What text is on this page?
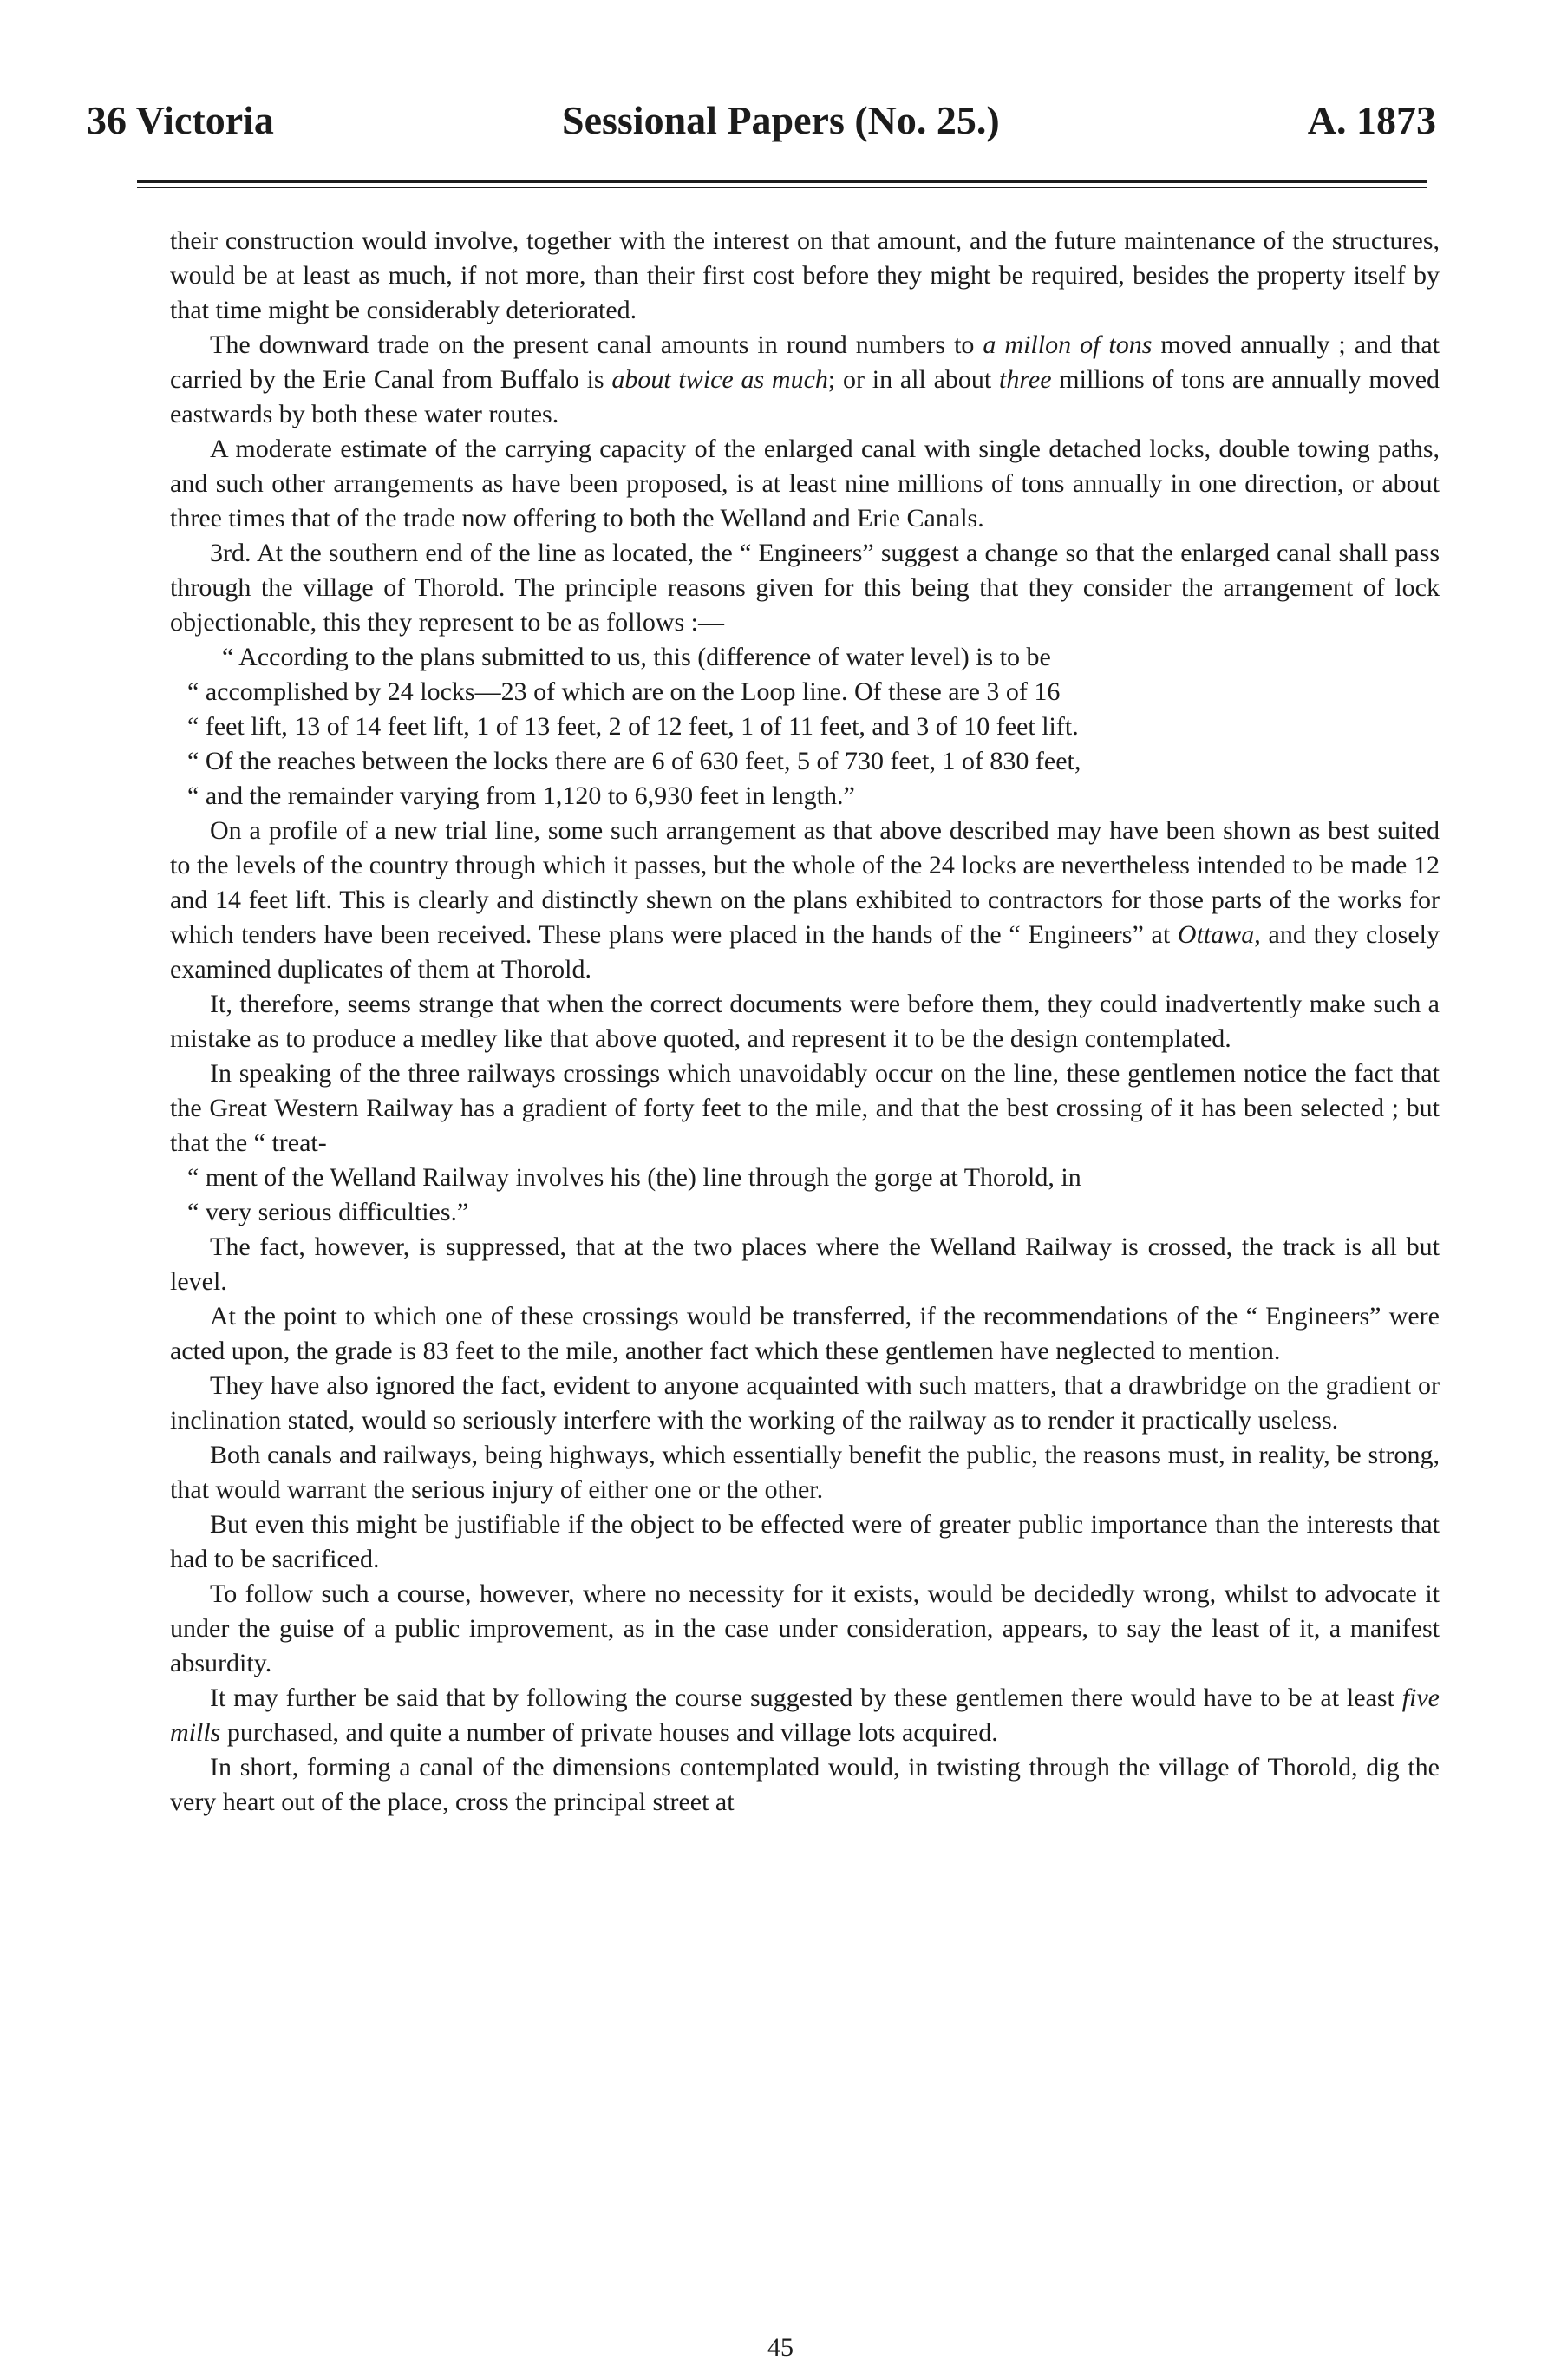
36 Victoria	Sessional Papers (No. 25.)	A. 1873

their construction would involve, together with the interest on that amount, and the future maintenance of the structures, would be at least as much, if not more, than their first cost before they might be required, besides the property itself by that time might be considerably deteriorated.

The downward trade on the present canal amounts in round numbers to a millon of tons moved annually ; and that carried by the Erie Canal from Buffalo is about twice as much; or in all about three millions of tons are annually moved eastwards by both these water routes.

A moderate estimate of the carrying capacity of the enlarged canal with single detached locks, double towing paths, and such other arrangements as have been proposed, is at least nine millions of tons annually in one direction, or about three times that of the trade now offering to both the Welland and Erie Canals.

3rd. At the southern end of the line as located, the “ Engineers” suggest a change so that the enlarged canal shall pass through the village of Thorold. The principle reasons given for this being that they consider the arrangement of lock objectionable, this they represent to be as follows :—

“ According to the plans submitted to us, this (difference of water level) is to be

“ accomplished by 24 locks—23 of which are on the Loop line. Of these are 3 of 16

“ feet lift, 13 of 14 feet lift, 1 of 13 feet, 2 of 12 feet, 1 of 11 feet, and 3 of 10 feet lift.

“ Of the reaches between the locks there are 6 of 630 feet, 5 of 730 feet, 1 of 830 feet,

“ and the remainder varying from 1,120 to 6,930 feet in length.”

On a profile of a new trial line, some such arrangement as that above described may have been shown as best suited to the levels of the country through which it passes, but the whole of the 24 locks are nevertheless intended to be made 12 and 14 feet lift. This is clearly and distinctly shewn on the plans exhibited to contractors for those parts of the works for which tenders have been received. These plans were placed in the hands of the “ Engineers” at Ottawa, and they closely examined duplicates of them at Thorold.

It, therefore, seems strange that when the correct documents were before them, they could inadvertently make such a mistake as to produce a medley like that above quoted, and represent it to be the design contemplated.

In speaking of the three railways crossings which unavoidably occur on the line, these gentlemen notice the fact that the Great Western Railway has a gradient of forty feet to the mile, and that the best crossing of it has been selected ; but that the “ treat-

“ ment of the Welland Railway involves his (the) line through the gorge at Thorold, in

“ very serious difficulties.”

The fact, however, is suppressed, that at the two places where the Welland Railway is crossed, the track is all but level.

At the point to which one of these crossings would be transferred, if the recommendations of the “ Engineers” were acted upon, the grade is 83 feet to the mile, another fact which these gentlemen have neglected to mention.

They have also ignored the fact, evident to anyone acquainted with such matters, that a drawbridge on the gradient or inclination stated, would so seriously interfere with the working of the railway as to render it practically useless.

Both canals and railways, being highways, which essentially benefit the public, the reasons must, in reality, be strong, that would warrant the serious injury of either one or the other.

But even this might be justifiable if the object to be effected were of greater public importance than the interests that had to be sacrificed.

To follow such a course, however, where no necessity for it exists, would be decidedly wrong, whilst to advocate it under the guise of a public improvement, as in the case under consideration, appears, to say the least of it, a manifest absurdity.

It may further be said that by following the course suggested by these gentlemen there would have to be at least five mills purchased, and quite a number of private houses and village lots acquired.

In short, forming a canal of the dimensions contemplated would, in twisting through the village of Thorold, dig the very heart out of the place, cross the principal street at

45
